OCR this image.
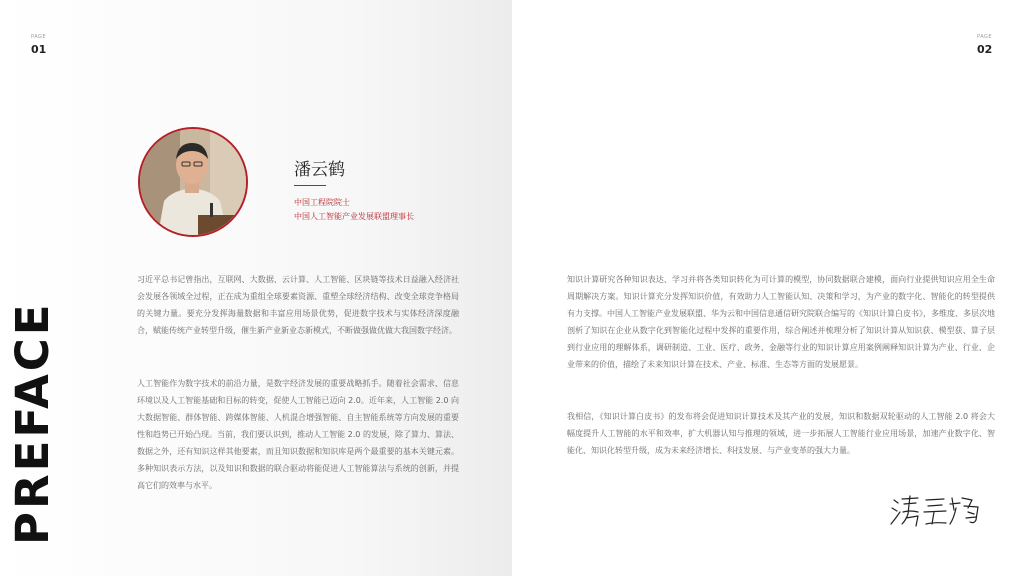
PAGE
01
PAGE
02
PREFACE
潘云鹤
中国工程院院士
中国人工智能产业发展联盟理事长

习近平总书记曾指出，互联网、大数据、云计算、人工智能、区块链等技术日益融入经济社会发展各领域全过程，正在成为重组全球要素资源、重塑全球经济结构、改变全球竞争格局的关键力量。要充分发挥海量数据和丰富应用场景优势，促进数字技术与实体经济深度融合，赋能传统产业转型升级，催生新产业新业态新模式，不断做强做优做大我国数字经济。

人工智能作为数字技术的前沿力量，是数字经济发展的重要战略抓手。随着社会需求、信息环境以及人工智能基础和目标的转变，促使人工智能已迈向 2.0。近年来，人工智能 2.0 向大数据智能、群体智能、跨媒体智能、人机混合增强智能、自主智能系统等方向发展的重要性和趋势已开始凸现。当前，我们要认识到，推动人工智能 2.0 的发展，除了算力、算法、数据之外，还有知识这样其他要素，而且知识数据和知识库是两个最重要的基本关键元素。多种知识表示方法，以及知识和数据的联合驱动将能促进人工智能算法与系统的创新，并提高它们的效率与水平。

知识计算研究各种知识表达、学习并将各类知识转化为可计算的模型，协同数据联合建模，面向行业提供知识应用全生命周期解决方案。知识计算充分发挥知识价值，有效助力人工智能认知、决策和学习，为产业的数字化、智能化的转型提供有力支撑。中国人工智能产业发展联盟、华为云和中国信息通信研究院联合编写的《知识计算白皮书》，多维度、多层次地剖析了知识在企业从数字化到智能化过程中发挥的重要作用，综合阐述并梳理分析了知识计算从知识获、模型获、算子层到行业应用的理解体系，调研制造、工业、医疗、政务、金融等行业的知识计算应用案例阐释知识计算为产业、行业、企业带来的价值，描绘了未来知识计算在技术、产业、标准、生态等方面的发展愿景。

我相信，《知识计算白皮书》的发布将会促进知识计算技术及其产业的发展，知识和数据双轮驱动的人工智能 2.0 将会大幅度提升人工智能的水平和效率，扩大机器认知与推理的领域，进一步拓展人工智能行业应用场景，加速产业数字化、智能化、知识化转型升级，成为未来经济增长、科技发展、与产业变革的强大力量。
